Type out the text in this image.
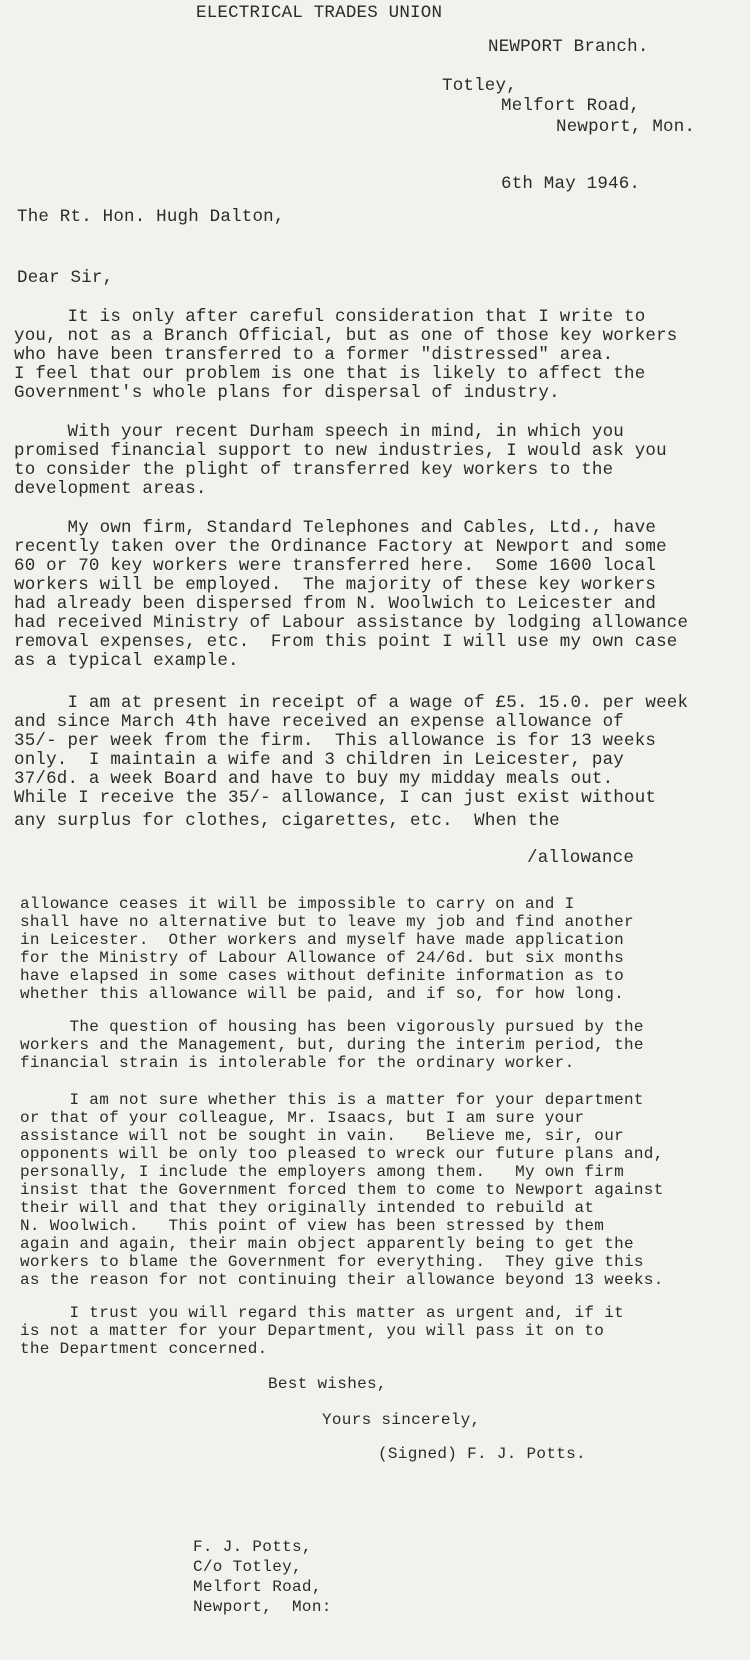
ELECTRICAL TRADES UNION
NEWPORT Branch.
Totley,
Melfort Road,
Newport, Mon.
6th May 1946.
The Rt. Hon. Hugh Dalton,
Dear Sir,
It is only after careful consideration that I write to
you, not as a Branch Official, but as one of those key workers
who have been transferred to a former "distressed" area.
I feel that our problem is one that is likely to affect the
Government's whole plans for dispersal of industry.
With your recent Durham speech in mind, in which you
promised financial support to new industries, I would ask you
to consider the plight of transferred key workers to the
development areas.
My own firm, Standard Telephones and Cables, Ltd., have
recently taken over the Ordinance Factory at Newport and some
60 or 70 key workers were transferred here.  Some 1600 local
workers will be employed.  The majority of these key workers
had already been dispersed from N. Woolwich to Leicester and
had received Ministry of Labour assistance by lodging allowance
removal expenses, etc.  From this point I will use my own case
as a typical example.
I am at present in receipt of a wage of £5. 15.0. per week
and since March 4th have received an expense allowance of
35/- per week from the firm.  This allowance is for 13 weeks
only.  I maintain a wife and 3 children in Leicester, pay
37/6d. a week Board and have to buy my midday meals out.
While I receive the 35/- allowance, I can just exist without
any surplus for clothes, cigarettes, etc.  When the
/allowance
allowance ceases it will be impossible to carry on and I
shall have no alternative but to leave my job and find another
in Leicester.  Other workers and myself have made application
for the Ministry of Labour Allowance of 24/6d. but six months
have elapsed in some cases without definite information as to
whether this allowance will be paid, and if so, for how long.
The question of housing has been vigorously pursued by the
workers and the Management, but, during the interim period, the
financial strain is intolerable for the ordinary worker.
I am not sure whether this is a matter for your department
or that of your colleague, Mr. Isaacs, but I am sure your
assistance will not be sought in vain.   Believe me, sir, our
opponents will be only too pleased to wreck our future plans and,
personally, I include the employers among them.   My own firm
insist that the Government forced them to come to Newport against
their will and that they originally intended to rebuild at
N. Woolwich.   This point of view has been stressed by them
again and again, their main object apparently being to get the
workers to blame the Government for everything.  They give this
as the reason for not continuing their allowance beyond 13 weeks.
I trust you will regard this matter as urgent and, if it
is not a matter for your Department, you will pass it on to
the Department concerned.
Best wishes,
Yours sincerely,
(Signed) F. J. Potts.
F. J. Potts,
C/o Totley,
Melfort Road,
Newport,  Mon:
